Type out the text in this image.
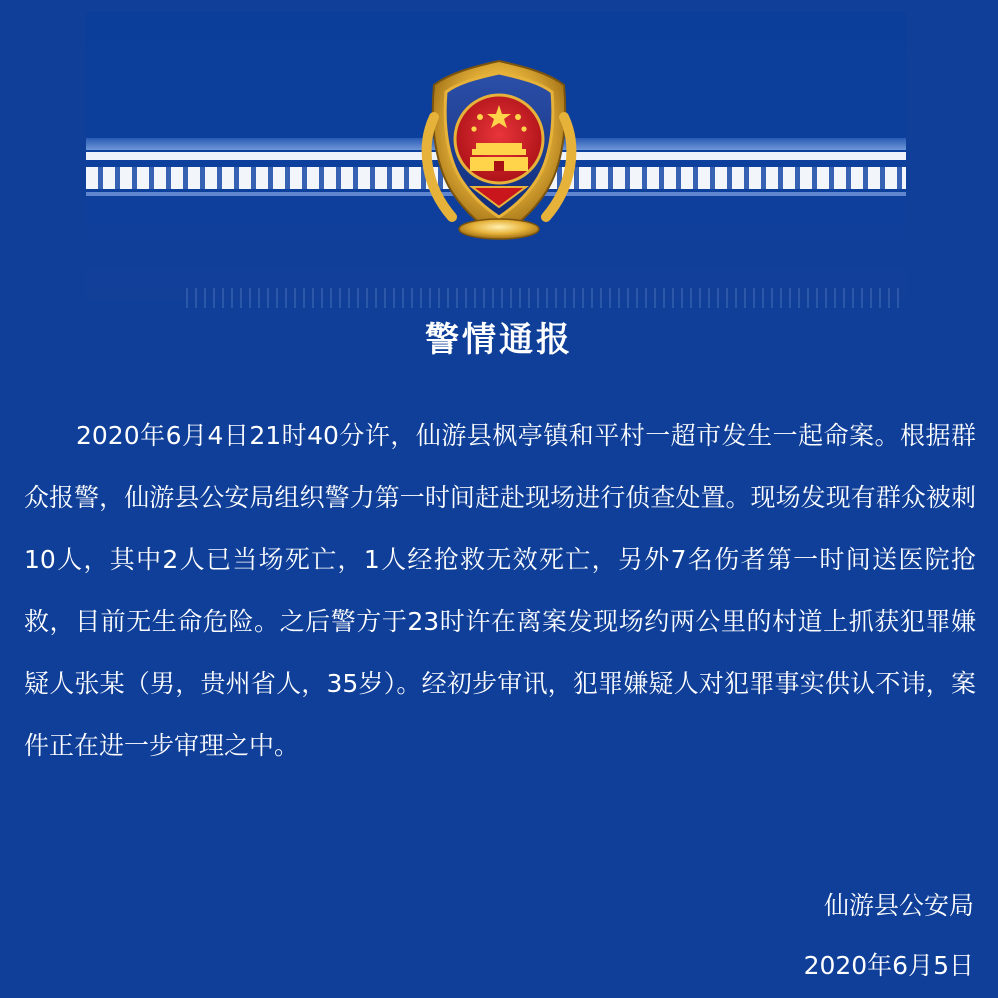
警情通报
2020年6月4日21时40分许，仙游县枫亭镇和平村一超市发生一起命案。根据群众报警，仙游县公安局组织警力第一时间赶赴现场进行侦查处置。现场发现有群众被刺10人，其中2人已当场死亡，1人经抢救无效死亡，另外7名伤者第一时间送医院抢救，目前无生命危险。之后警方于23时许在离案发现场约两公里的村道上抓获犯罪嫌疑人张某（男，贵州省人，35岁）。经初步审讯，犯罪嫌疑人对犯罪事实供认不讳，案件正在进一步审理之中。
仙游县公安局
2020年6月5日
